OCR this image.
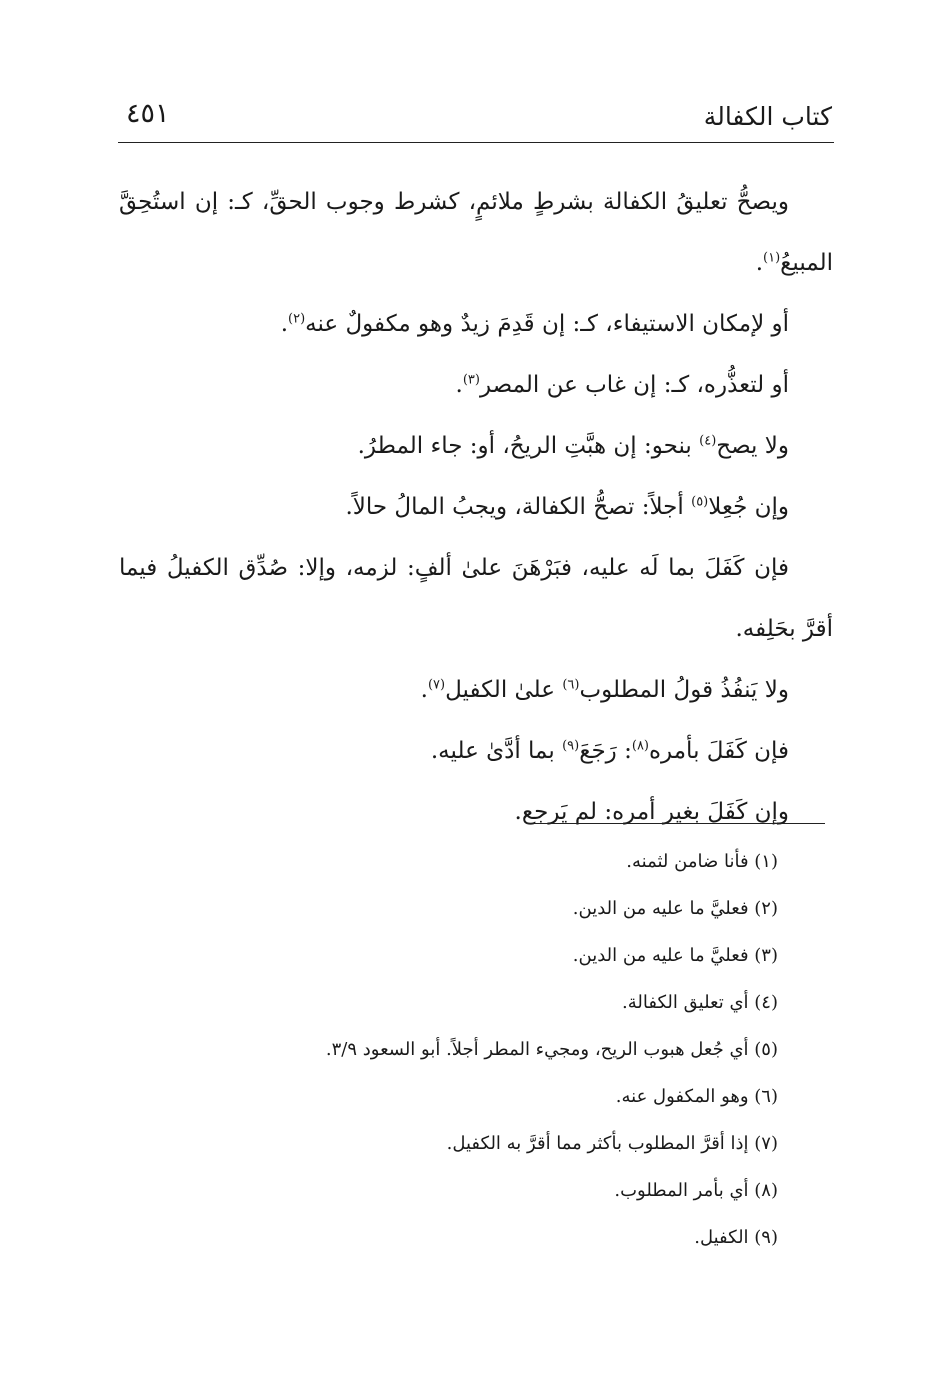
كتاب الكفالة
٤٥١

ويصحُّ تعليقُ الكفالة بشرطٍ ملائمٍ، كشرط وجوب الحقِّ، كـ: إن استُحِقَّ المبيعُ$^{(١)}$.

أو لإمكان الاستيفاء، كـ: إن قَدِمَ زيدٌ وهو مكفولٌ عنه$^{(٢)}$.

أو لتعذُّره، كـ: إن غاب عن المصر$^{(٣)}$.

ولا يصح$^{(٤)}$ بنحو: إن هبَّتِ الريحُ، أو: جاء المطرُ.

وإن جُعِلا$^{(٥)}$ أجلاً: تصحُّ الكفالة، ويجبُ المالُ حالاً.

فإن كَفَلَ بما لَه عليه، فبَرْهَنَ علىٰ ألفٍ: لزمه، وإلا: صُدِّق الكفيلُ فيما أقرَّ بحَلِفه.

ولا يَنفُذُ قولُ المطلوب$^{(٦)}$ علىٰ الكفيل$^{(٧)}$.

فإن كَفَلَ بأمره$^{(٨)}$: رَجَعَ$^{(٩)}$ بما أدَّىٰ عليه.

وإن كَفَلَ بغير أمره: لم يَرجع.

(١) فأنا ضامن لثمنه.

(٢) فعليَّ ما عليه من الدين.

(٣) فعليَّ ما عليه من الدين.

(٤) أي تعليق الكفالة.

(٥) أي جُعل هبوب الريح، ومجيء المطر أجلاً. أبو السعود ٣/٩.

(٦) وهو المكفول عنه.

(٧) إذا أقرَّ المطلوب بأكثر مما أقرَّ به الكفيل.

(٨) أي بأمر المطلوب.

(٩) الكفيل.
